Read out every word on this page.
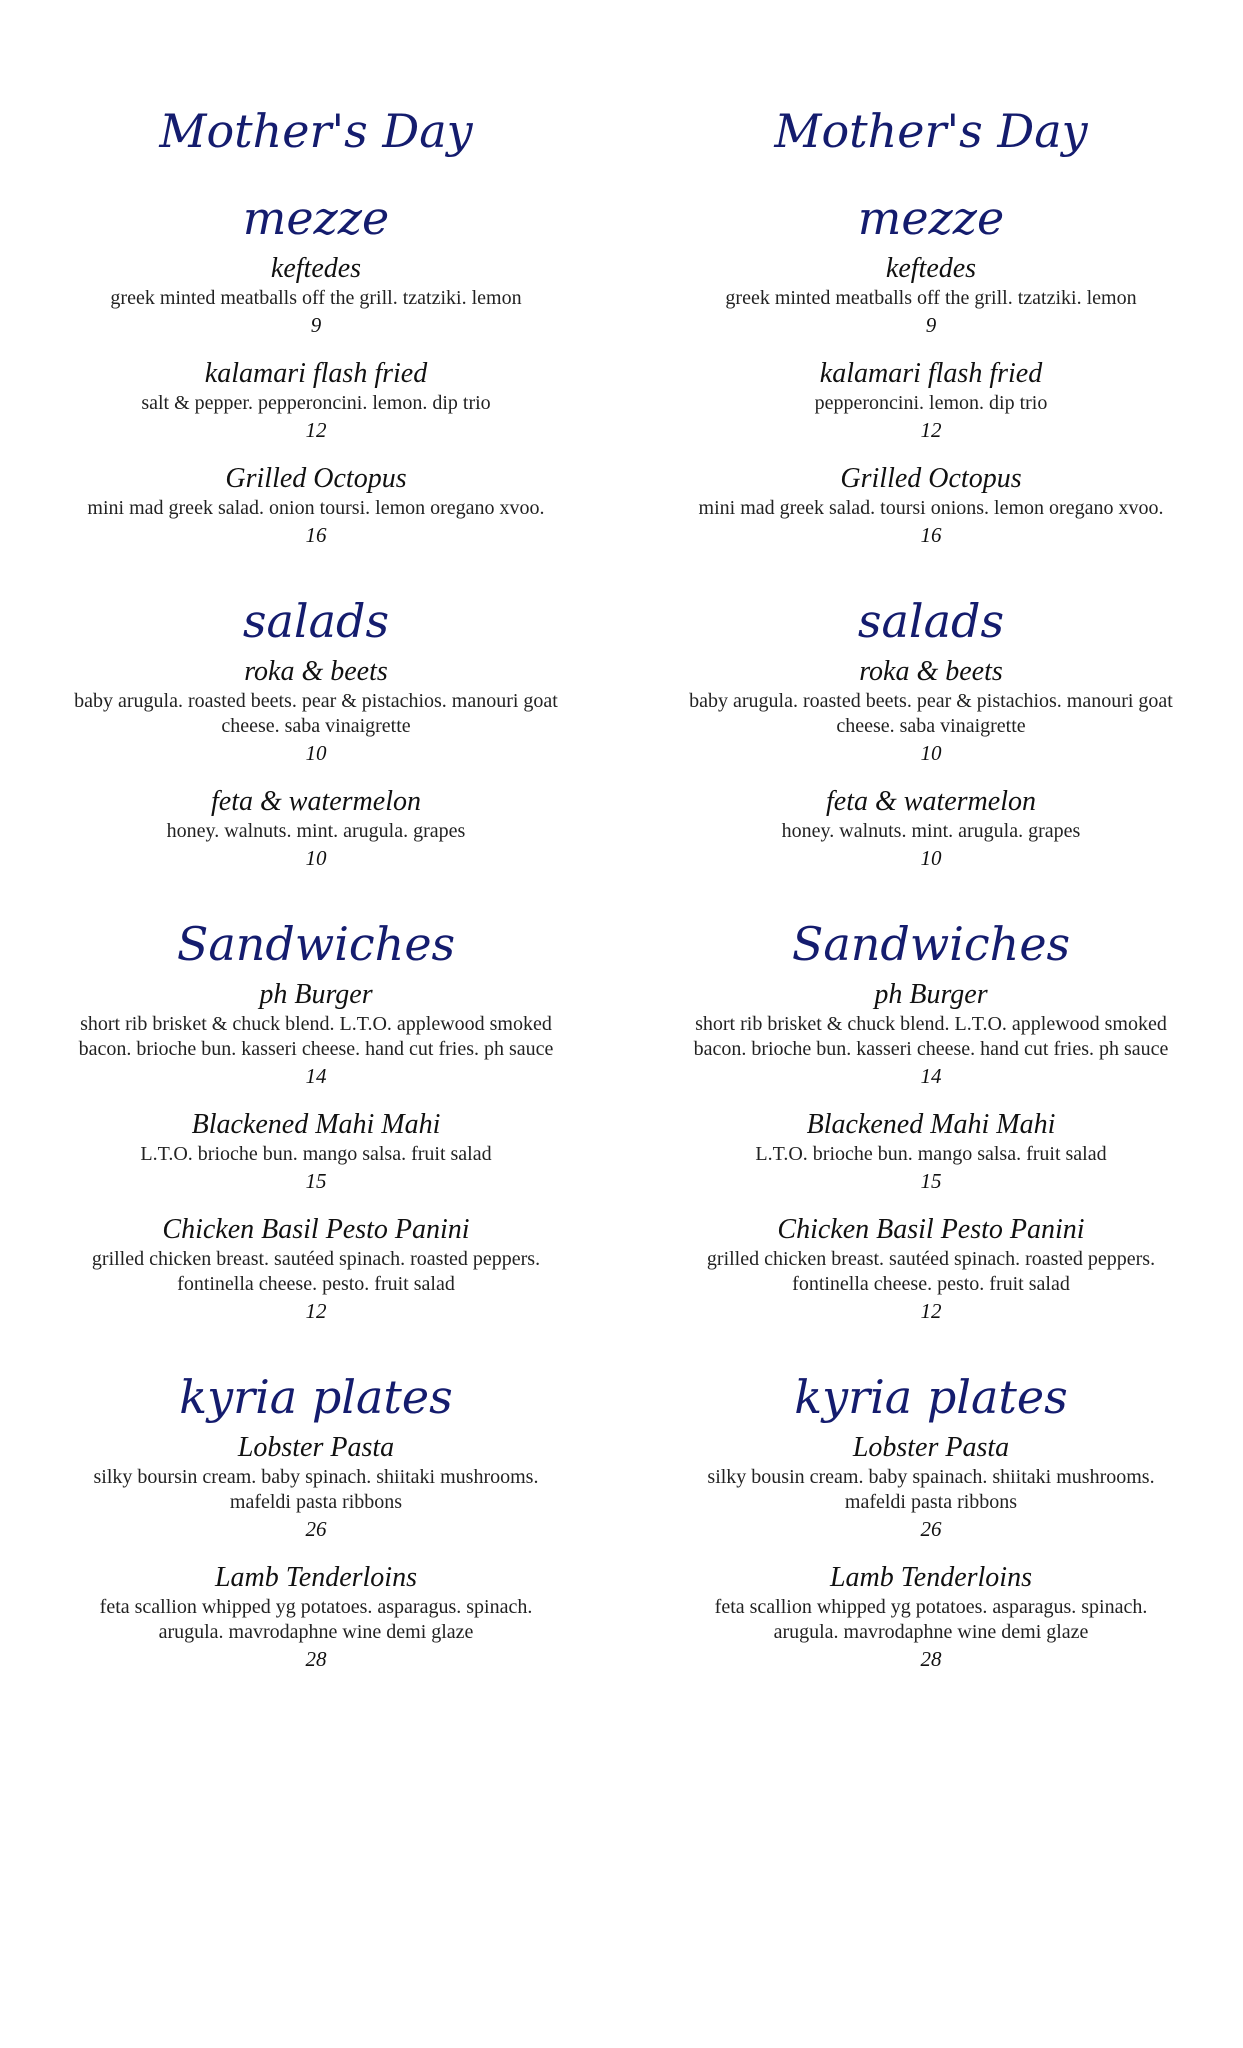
Mother's Day
mezze
keftedes
greek minted meatballs off the grill. tzatziki. lemon
9
kalamari flash fried
salt & pepper. pepperoncini. lemon. dip trio
12
Grilled Octopus
mini mad greek salad. onion toursi. lemon oregano xvoo.
16
salads
roka & beets
baby arugula. roasted beets. pear & pistachios. manouri goat cheese. saba vinaigrette
10
feta & watermelon
honey. walnuts. mint. arugula. grapes
10
Sandwiches
ph Burger
short rib brisket & chuck blend. L.T.O. applewood smoked bacon. brioche bun. kasseri cheese. hand cut fries. ph sauce
14
Blackened Mahi Mahi
L.T.O. brioche bun. mango salsa. fruit salad
15
Chicken Basil Pesto Panini
grilled chicken breast. sautéed spinach. roasted peppers. fontinella cheese. pesto. fruit salad
12
kyria plates
Lobster Pasta
silky boursin cream. baby spinach. shiitaki mushrooms. mafeldi pasta ribbons
26
Lamb Tenderloins
feta scallion whipped yg potatoes. asparagus. spinach. arugula. mavrodaphne wine demi glaze
28
Mother's Day
mezze
keftedes
greek minted meatballs off the grill. tzatziki. lemon
9
kalamari flash fried
pepperoncini. lemon. dip trio
12
Grilled Octopus
mini mad greek salad. toursi onions. lemon oregano xvoo.
16
salads
roka & beets
baby arugula. roasted beets. pear & pistachios. manouri goat cheese. saba vinaigrette
10
feta & watermelon
honey. walnuts. mint. arugula. grapes
10
Sandwiches
ph Burger
short rib brisket & chuck blend. L.T.O. applewood smoked bacon. brioche bun. kasseri cheese. hand cut fries. ph sauce
14
Blackened Mahi Mahi
L.T.O. brioche bun. mango salsa. fruit salad
15
Chicken Basil Pesto Panini
grilled chicken breast. sautéed spinach. roasted peppers. fontinella cheese. pesto. fruit salad
12
kyria plates
Lobster Pasta
silky bousin cream. baby spainach. shiitaki mushrooms. mafeldi pasta ribbons
26
Lamb Tenderloins
feta scallion whipped yg potatoes. asparagus. spinach. arugula. mavrodaphne wine demi glaze
28
